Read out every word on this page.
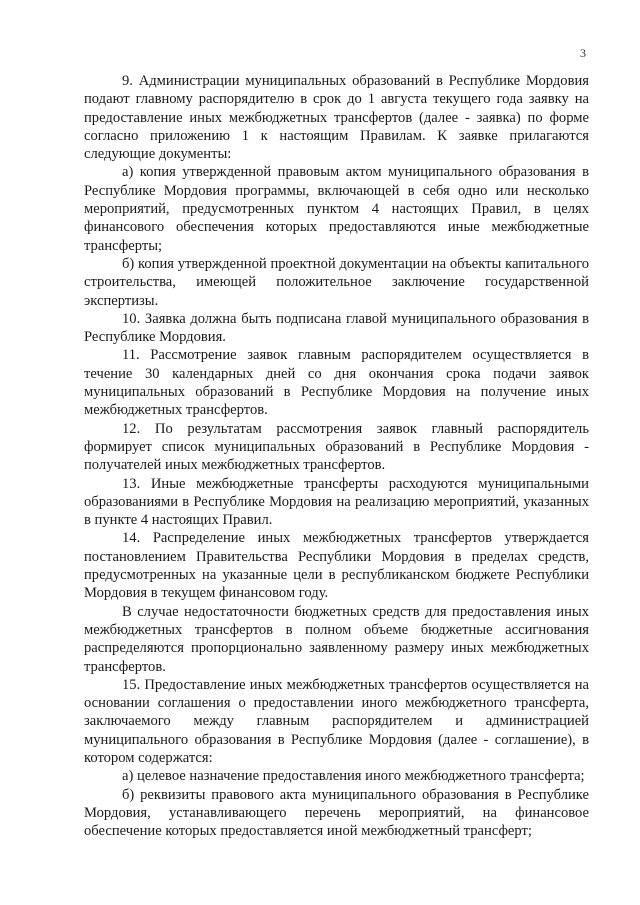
3

9. Администрации муниципальных образований в Республике Мордовия подают главному распорядителю в срок до 1 августа текущего года заявку на предоставление иных межбюджетных трансфертов (далее - заявка) по форме согласно приложению 1 к настоящим Правилам. К заявке прилагаются следующие документы:

а) копия утвержденной правовым актом муниципального образования в Республике Мордовия программы, включающей в себя одно или несколько мероприятий, предусмотренных пунктом 4 настоящих Правил, в целях финансового обеспечения которых предоставляются иные межбюджетные трансферты;

б) копия утвержденной проектной документации на объекты капитального строительства, имеющей положительное заключение государственной экспертизы.

10. Заявка должна быть подписана главой муниципального образования в Республике Мордовия.

11. Рассмотрение заявок главным распорядителем осуществляется в течение 30 календарных дней со дня окончания срока подачи заявок муниципальных образований в Республике Мордовия на получение иных межбюджетных трансфертов.

12. По результатам рассмотрения заявок главный распорядитель формирует список муниципальных образований в Республике Мордовия - получателей иных межбюджетных трансфертов.

13. Иные межбюджетные трансферты расходуются муниципальными образованиями в Республике Мордовия на реализацию мероприятий, указанных в пункте 4 настоящих Правил.

14. Распределение иных межбюджетных трансфертов утверждается постановлением Правительства Республики Мордовия в пределах средств, предусмотренных на указанные цели в республиканском бюджете Республики Мордовия в текущем финансовом году.

В случае недостаточности бюджетных средств для предоставления иных межбюджетных трансфертов в полном объеме бюджетные ассигнования распределяются пропорционально заявленному размеру иных межбюджетных трансфертов.

15. Предоставление иных межбюджетных трансфертов осуществляется на основании соглашения о предоставлении иного межбюджетного трансферта, заключаемого между главным распорядителем и администрацией муниципального образования в Республике Мордовия (далее - соглашение), в котором содержатся:

а) целевое назначение предоставления иного межбюджетного трансферта;

б) реквизиты правового акта муниципального образования в Республике Мордовия, устанавливающего перечень мероприятий, на финансовое обеспечение которых предоставляется иной межбюджетный трансферт;
